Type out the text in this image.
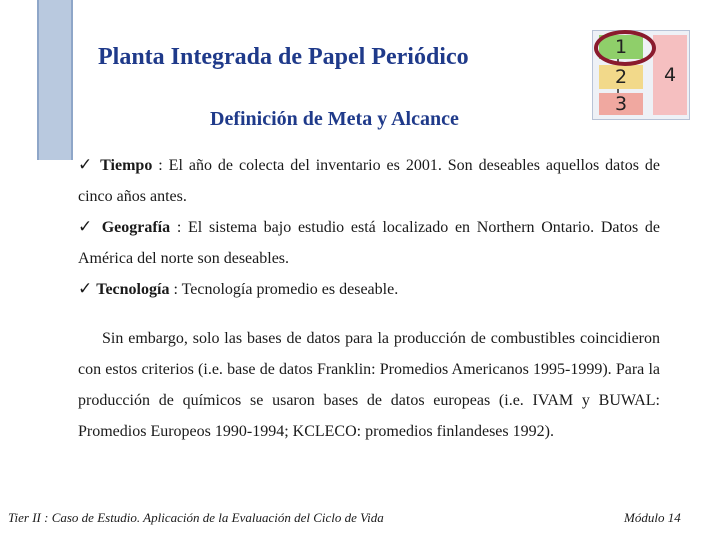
Planta Integrada de Papel Periódico
Definición de Meta y Alcance
1
2
3
4

✓ Tiempo : El año de colecta del inventario es 2001. Son deseables aquellos datos de cinco años antes.

✓ Geografía : El sistema bajo estudio está localizado en Northern Ontario. Datos de América del norte son deseables.

✓ Tecnología : Tecnología promedio es deseable.

Sin embargo, solo las bases de datos para la producción de combustibles coincidieron con estos criterios (i.e. base de datos Franklin: Promedios Americanos 1995-1999). Para la producción de químicos se usaron bases de datos europeas (i.e. IVAM y BUWAL: Promedios Europeos 1990-1994; KCLECO: promedios finlandeses 1992).

Tier II : Caso de Estudio. Aplicación de la Evaluación del Ciclo de Vida	Módulo 14
